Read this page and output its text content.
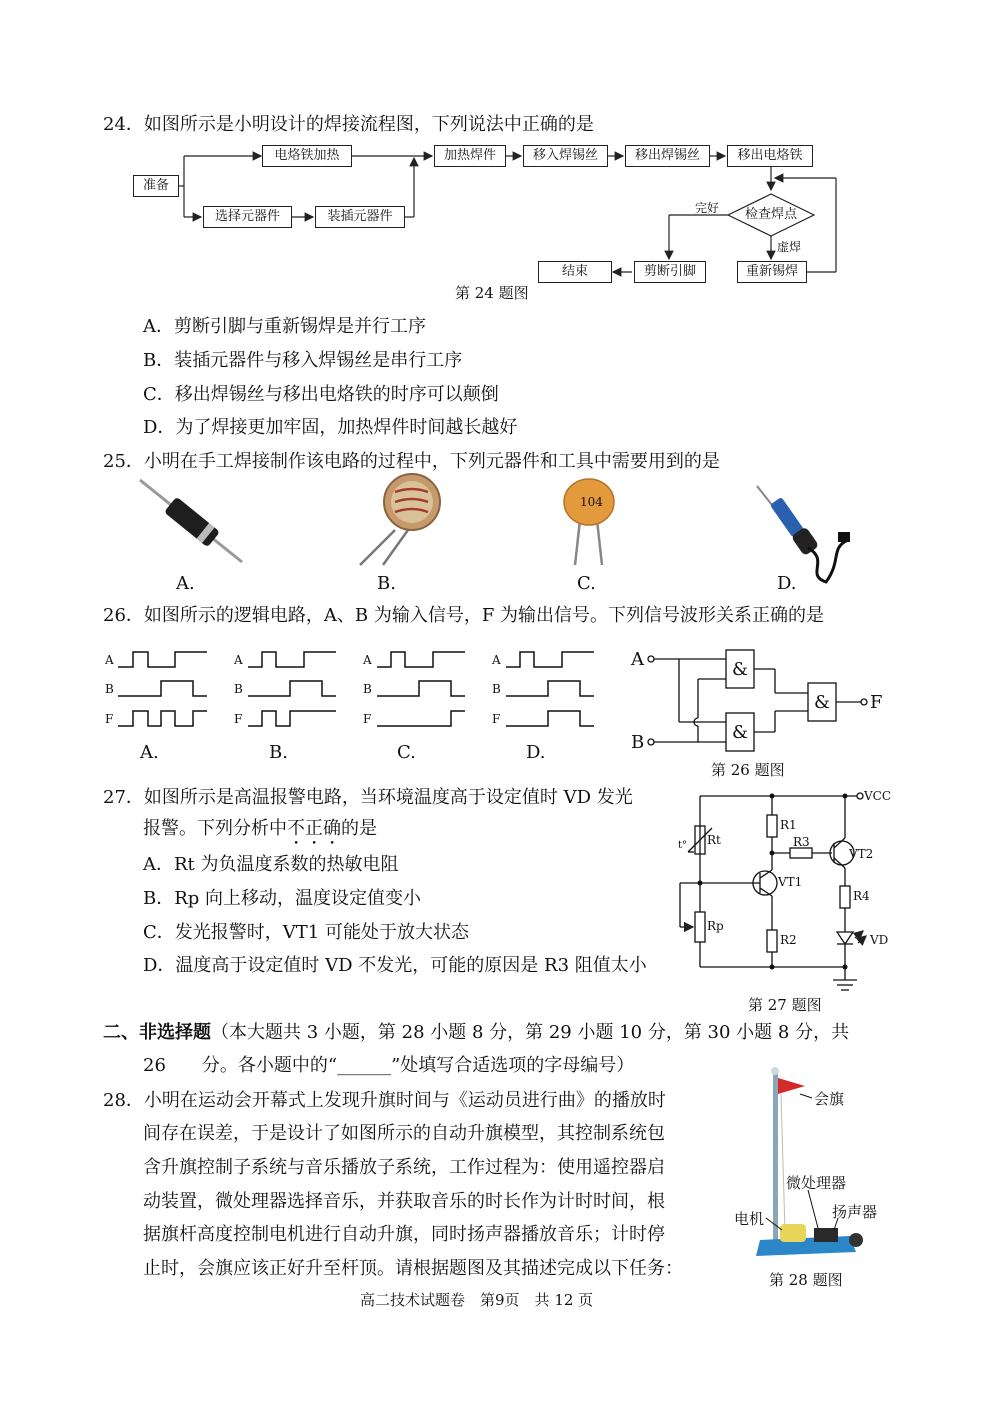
24．如图所示是小明设计的焊接流程图，下列说法中正确的是
准备
电烙铁加热
选择元器件	装插元器件
加热焊件	移入焊锡丝	移出焊锡丝	移出电烙铁
检查焊点
完好
虚焊
重新锡焊
剪断引脚
结束
第 24 题图
A．剪断引脚与重新锡焊是并行工序
B．装插元器件与移入焊锡丝是串行工序
C．移出焊锡丝与移出电烙铁的时序可以颠倒
D．为了焊接更加牢固，加热焊件时间越长越好
25．小明在手工焊接制作该电路的过程中，下列元器件和工具中需要用到的是
104
A.	B.	C.	D.
26．如图所示的逻辑电路，A、B 为输入信号，F 为输出信号。下列信号波形关系正确的是
A
B
F
A
B
F
A
B
F
A
B
F
A.	B.	C.	D.
A
B
F
&
&
&
第 26 题图
27．如图所示是高温报警电路，当环境温度高于设定值时 VD 发光
报警。下列分析中不正确的是
A．Rt 为负温度系数的热敏电阻
B．Rp 向上移动，温度设定值变小
C．发光报警时，VT1 可能处于放大状态
D．温度高于设定值时 VD 不发光，可能的原因是 R3 阻值太小
VCC
Rt
t°
Rp
R1
R2
R3
R4
VT1
VT2
VD
第 27 题图
二、非选择题（本大题共 3 小题，第 28 小题 8 分，第 29 小题 10 分，第 30 小题 8 分，共
26　　分。各小题中的“______”处填写合适选项的字母编号）
28．小明在运动会开幕式上发现升旗时间与《运动员进行曲》的播放时
间存在误差，于是设计了如图所示的自动升旗模型，其控制系统包
含升旗控制子系统与音乐播放子系统，工作过程为：使用遥控器启
动装置，微处理器选择音乐，并获取音乐的时长作为计时时间，根
据旗杆高度控制电机进行自动升旗，同时扬声器播放音乐；计时停
止时，会旗应该正好升至杆顶。请根据题图及其描述完成以下任务：
会旗
微处理器
电机	扬声器
第 28 题图
高二技术试题卷　第9页　共 12 页
